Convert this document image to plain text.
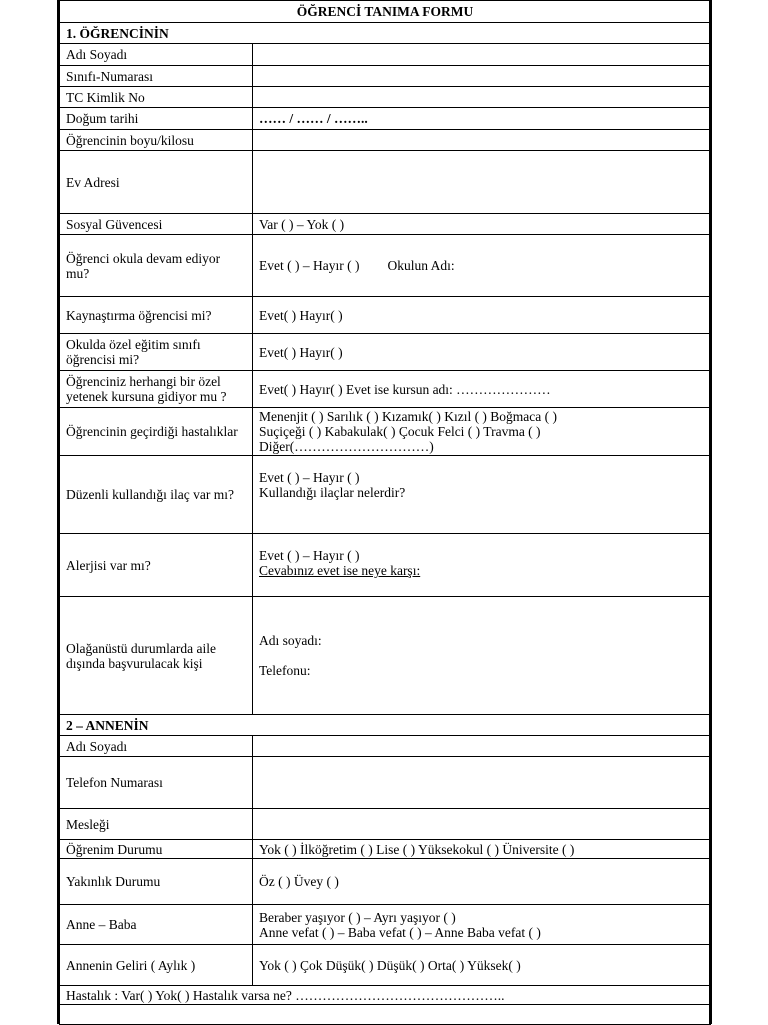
ÖĞRENCİ TANIMA FORMU	
1. ÖĞRENCİNİN	
Adı Soyadı	
Sınıfı-Numarası	
TC Kimlik No	
Doğum tarihi	…… / …… / ……..
Öğrencinin boyu/kilosu	
Ev Adresi	
Sosyal Güvencesi	Var ( ) – Yok ( )
Öğrenci okula devam ediyor mu?	Evet ( ) – Hayır ( ) Okulun Adı:
Kaynaştırma öğrencisi mi?	Evet( ) Hayır( )
Okulda özel eğitim sınıfı öğrencisi mi?	Evet( ) Hayır( )
Öğrenciniz herhangi bir özel yetenek kursuna gidiyor mu ?	Evet( ) Hayır( ) Evet ise kursun adı: …………………
Öğrencinin geçirdiği hastalıklar	Menenjit ( ) Sarılık ( ) Kızamık( ) Kızıl ( ) Boğmaca ( )
Suçiçeği ( ) Kabakulak( ) Çocuk Felci ( ) Travma ( )
Diğer(…………………………)

Düzenli kullandığı ilaç var mı?	Evet ( ) – Hayır ( )
Kullandığı ilaçlar nelerdir?

Alerjisi var mı?	Evet ( ) – Hayır ( )
Cevabınız evet ise neye karşı:

Olağanüstü durumlarda aile dışında başvurulacak kişi	Adı soyadı:
Telefonu:

2 – ANNENİN	
Adı Soyadı	
Telefon Numarası	
Mesleği	
Öğrenim Durumu	Yok ( ) İlköğretim ( ) Lise ( ) Yüksekokul ( ) Üniversite ( )
Yakınlık Durumu	Öz ( ) Üvey ( )
Anne – Baba	Beraber yaşıyor ( ) – Ayrı yaşıyor ( )
Anne vefat ( ) – Baba vefat ( ) – Anne Baba vefat ( )

Annenin Geliri ( Aylık )	Yok ( ) Çok Düşük( ) Düşük( ) Orta( ) Yüksek( )
Hastalık : Var( ) Yok( ) Hastalık varsa ne? ………………………………………..	
